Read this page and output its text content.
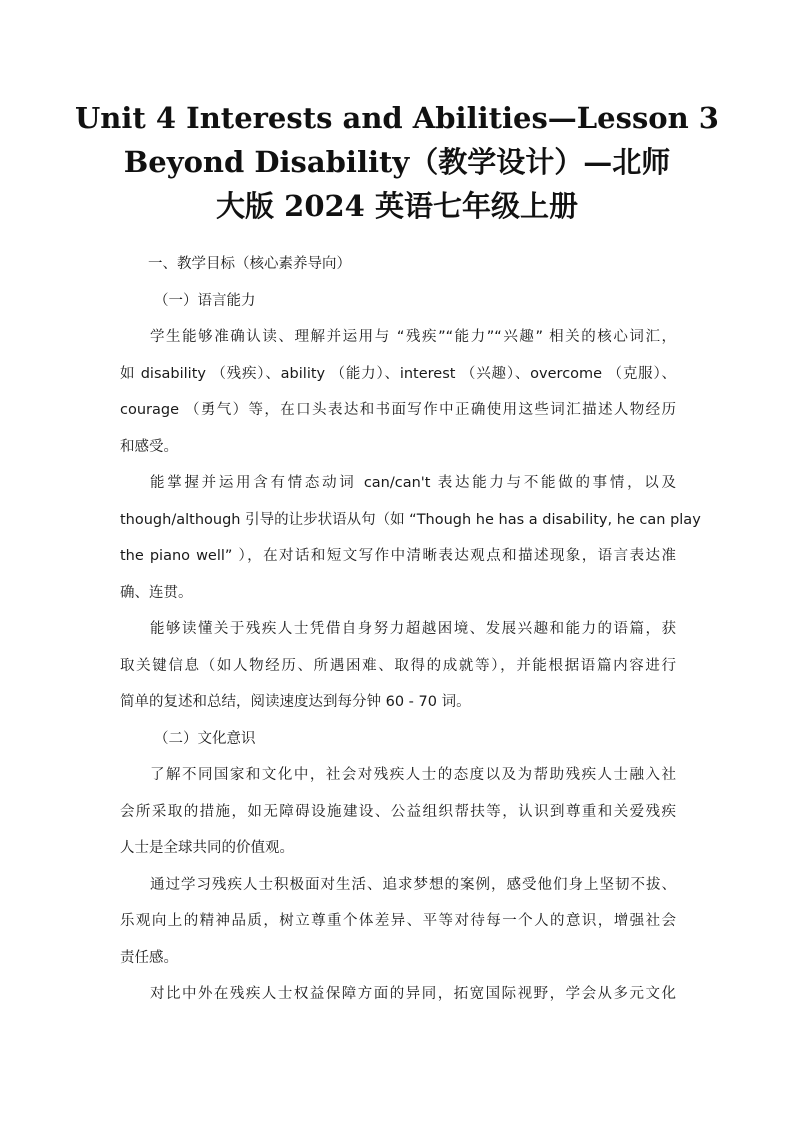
Unit 4 Interests and Abilities—Lesson 3
Beyond Disability（教学设计）—北师
大版 2024 英语七年级上册
一、教学目标（核心素养导向）
（一）语言能力
学生能够准确认读、理解并运用与 “残疾”“能力”“兴趣” 相关的核心词汇，
如 disability （残疾）、ability （能力）、interest （兴趣）、overcome （克服）、
courage （勇气）等，在口头表达和书面写作中正确使用这些词汇描述人物经历
和感受。
能掌握并运用含有情态动词 can/can't 表达能力与不能做的事情，以及
though/although 引导的让步状语从句（如 “Though he has a disability, he can play
the piano well” ），在对话和短文写作中清晰表达观点和描述现象，语言表达准
确、连贯。
能够读懂关于残疾人士凭借自身努力超越困境、发展兴趣和能力的语篇，获
取关键信息（如人物经历、所遇困难、取得的成就等），并能根据语篇内容进行
简单的复述和总结，阅读速度达到每分钟 60 - 70 词。
（二）文化意识
了解不同国家和文化中，社会对残疾人士的态度以及为帮助残疾人士融入社
会所采取的措施，如无障碍设施建设、公益组织帮扶等，认识到尊重和关爱残疾
人士是全球共同的价值观。
通过学习残疾人士积极面对生活、追求梦想的案例，感受他们身上坚韧不拔、
乐观向上的精神品质，树立尊重个体差异、平等对待每一个人的意识，增强社会
责任感。
对比中外在残疾人士权益保障方面的异同，拓宽国际视野，学会从多元文化
